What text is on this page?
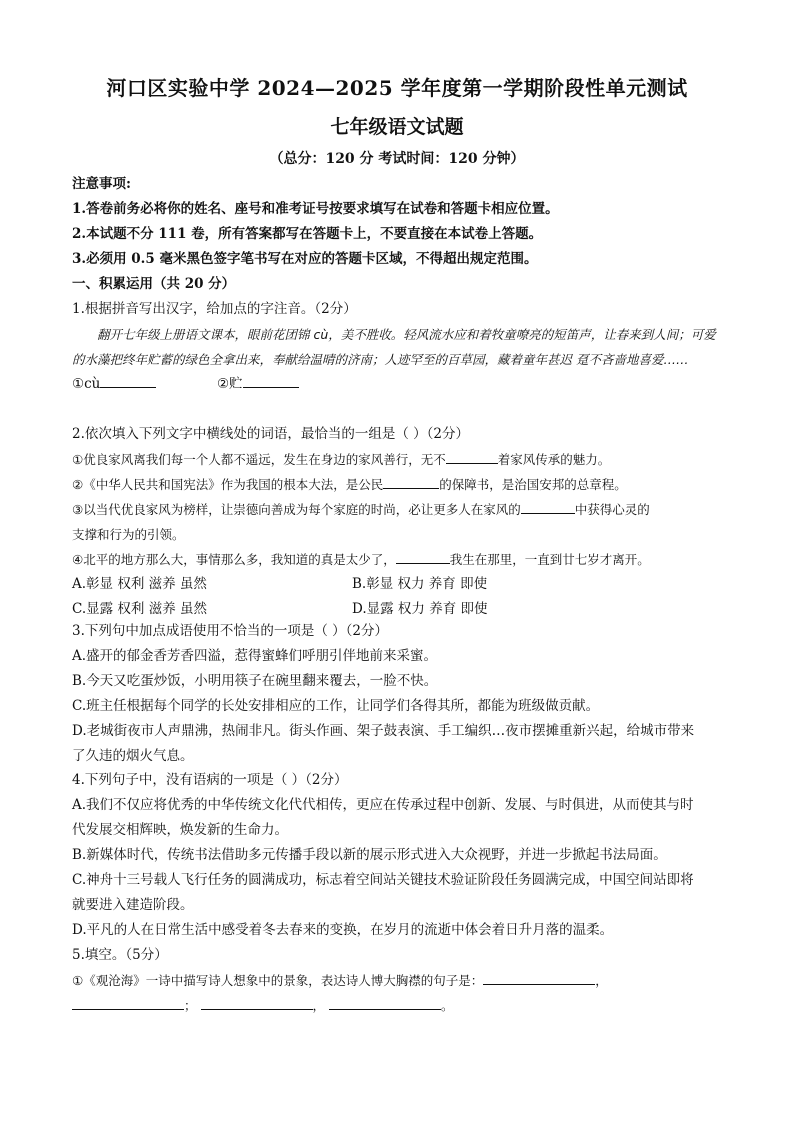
河口区实验中学 2024—2025 学年度第一学期阶段性单元测试
七年级语文试题
（总分：120 分 考试时间：120 分钟）
注意事项:
1.答卷前务必将你的姓名、座号和准考证号按要求填写在试卷和答题卡相应位置。
2.本试题不分 111 卷，所有答案都写在答题卡上，不要直接在本试卷上答题。
3.必须用 0.5 毫米黑色签字笔书写在对应的答题卡区域，不得超出规定范围。
一、积累运用（共 20 分）
1.根据拼音写出汉字，给加点的字注音。（2分）
翻开七年级上册语文课本，眼前花团锦 cù，美不胜收。轻风流水应和着牧童嘹亮的短笛声，让春来到人间；可爱的水藻把终年贮蓄的绿色全拿出来，奉献给温晴的济南；人迹罕至的百草园，藏着童年甚迟 趸不吝啬地喜爱……
①cù	②贮
2.依次填入下列文字中横线处的词语，最恰当的一组是（ ）（2分）
①优良家风离我们每一个人都不遥远，发生在身边的家风善行，无不	着家风传承的魅力。
②《中华人民共和国宪法》作为我国的根本大法，是公民	的保障书，是治国安邦的总章程。
③以当代优良家风为榜样，让崇德向善成为每个家庭的时尚，必让更多人在家风的	中获得心灵的
支撑和行为的引领。
④北平的地方那么大，事情那么多，我知道的真是太少了，	我生在那里，一直到廿七岁才离开。
A.彰显 权利 滋养 虽然	B.彰显 权力 养育 即使
C.显露 权利 滋养 虽然	D.显露 权力 养育 即使
3.下列句中加点成语使用不恰当的一项是（ ）（2分）
A.盛开的郁金香芳香四溢，惹得蜜蜂们呼朋引伴地前来采蜜。
B.今天又吃蛋炒饭，小明用筷子在碗里翻来覆去，一脸不快。
C.班主任根据每个同学的长处安排相应的工作，让同学们各得其所，都能为班级做贡献。
D.老城街夜市人声鼎沸，热闹非凡。街头作画、架子鼓表演、手工编织…夜市摆摊重新兴起，给城市带来
了久违的烟火气息。
4.下列句子中，没有语病的一项是（ ）（2分）
A.我们不仅应将优秀的中华传统文化代代相传，更应在传承过程中创新、发展、与时俱进，从而使其与时
代发展交相辉映，焕发新的生命力。
B.新媒体时代，传统书法借助多元传播手段以新的展示形式进入大众视野，并进一步掀起书法局面。
C.神舟十三号载人飞行任务的圆满成功，标志着空间站关键技术验证阶段任务圆满完成，中国空间站即将
就要进入建造阶段。
D.平凡的人在日常生活中感受着冬去春来的变换，在岁月的流逝中体会着日升月落的温柔。
5.填空。（5分）
①《观沧海》一诗中描写诗人想象中的景象，表达诗人博大胸襟的句子是：	，
；	，	。
